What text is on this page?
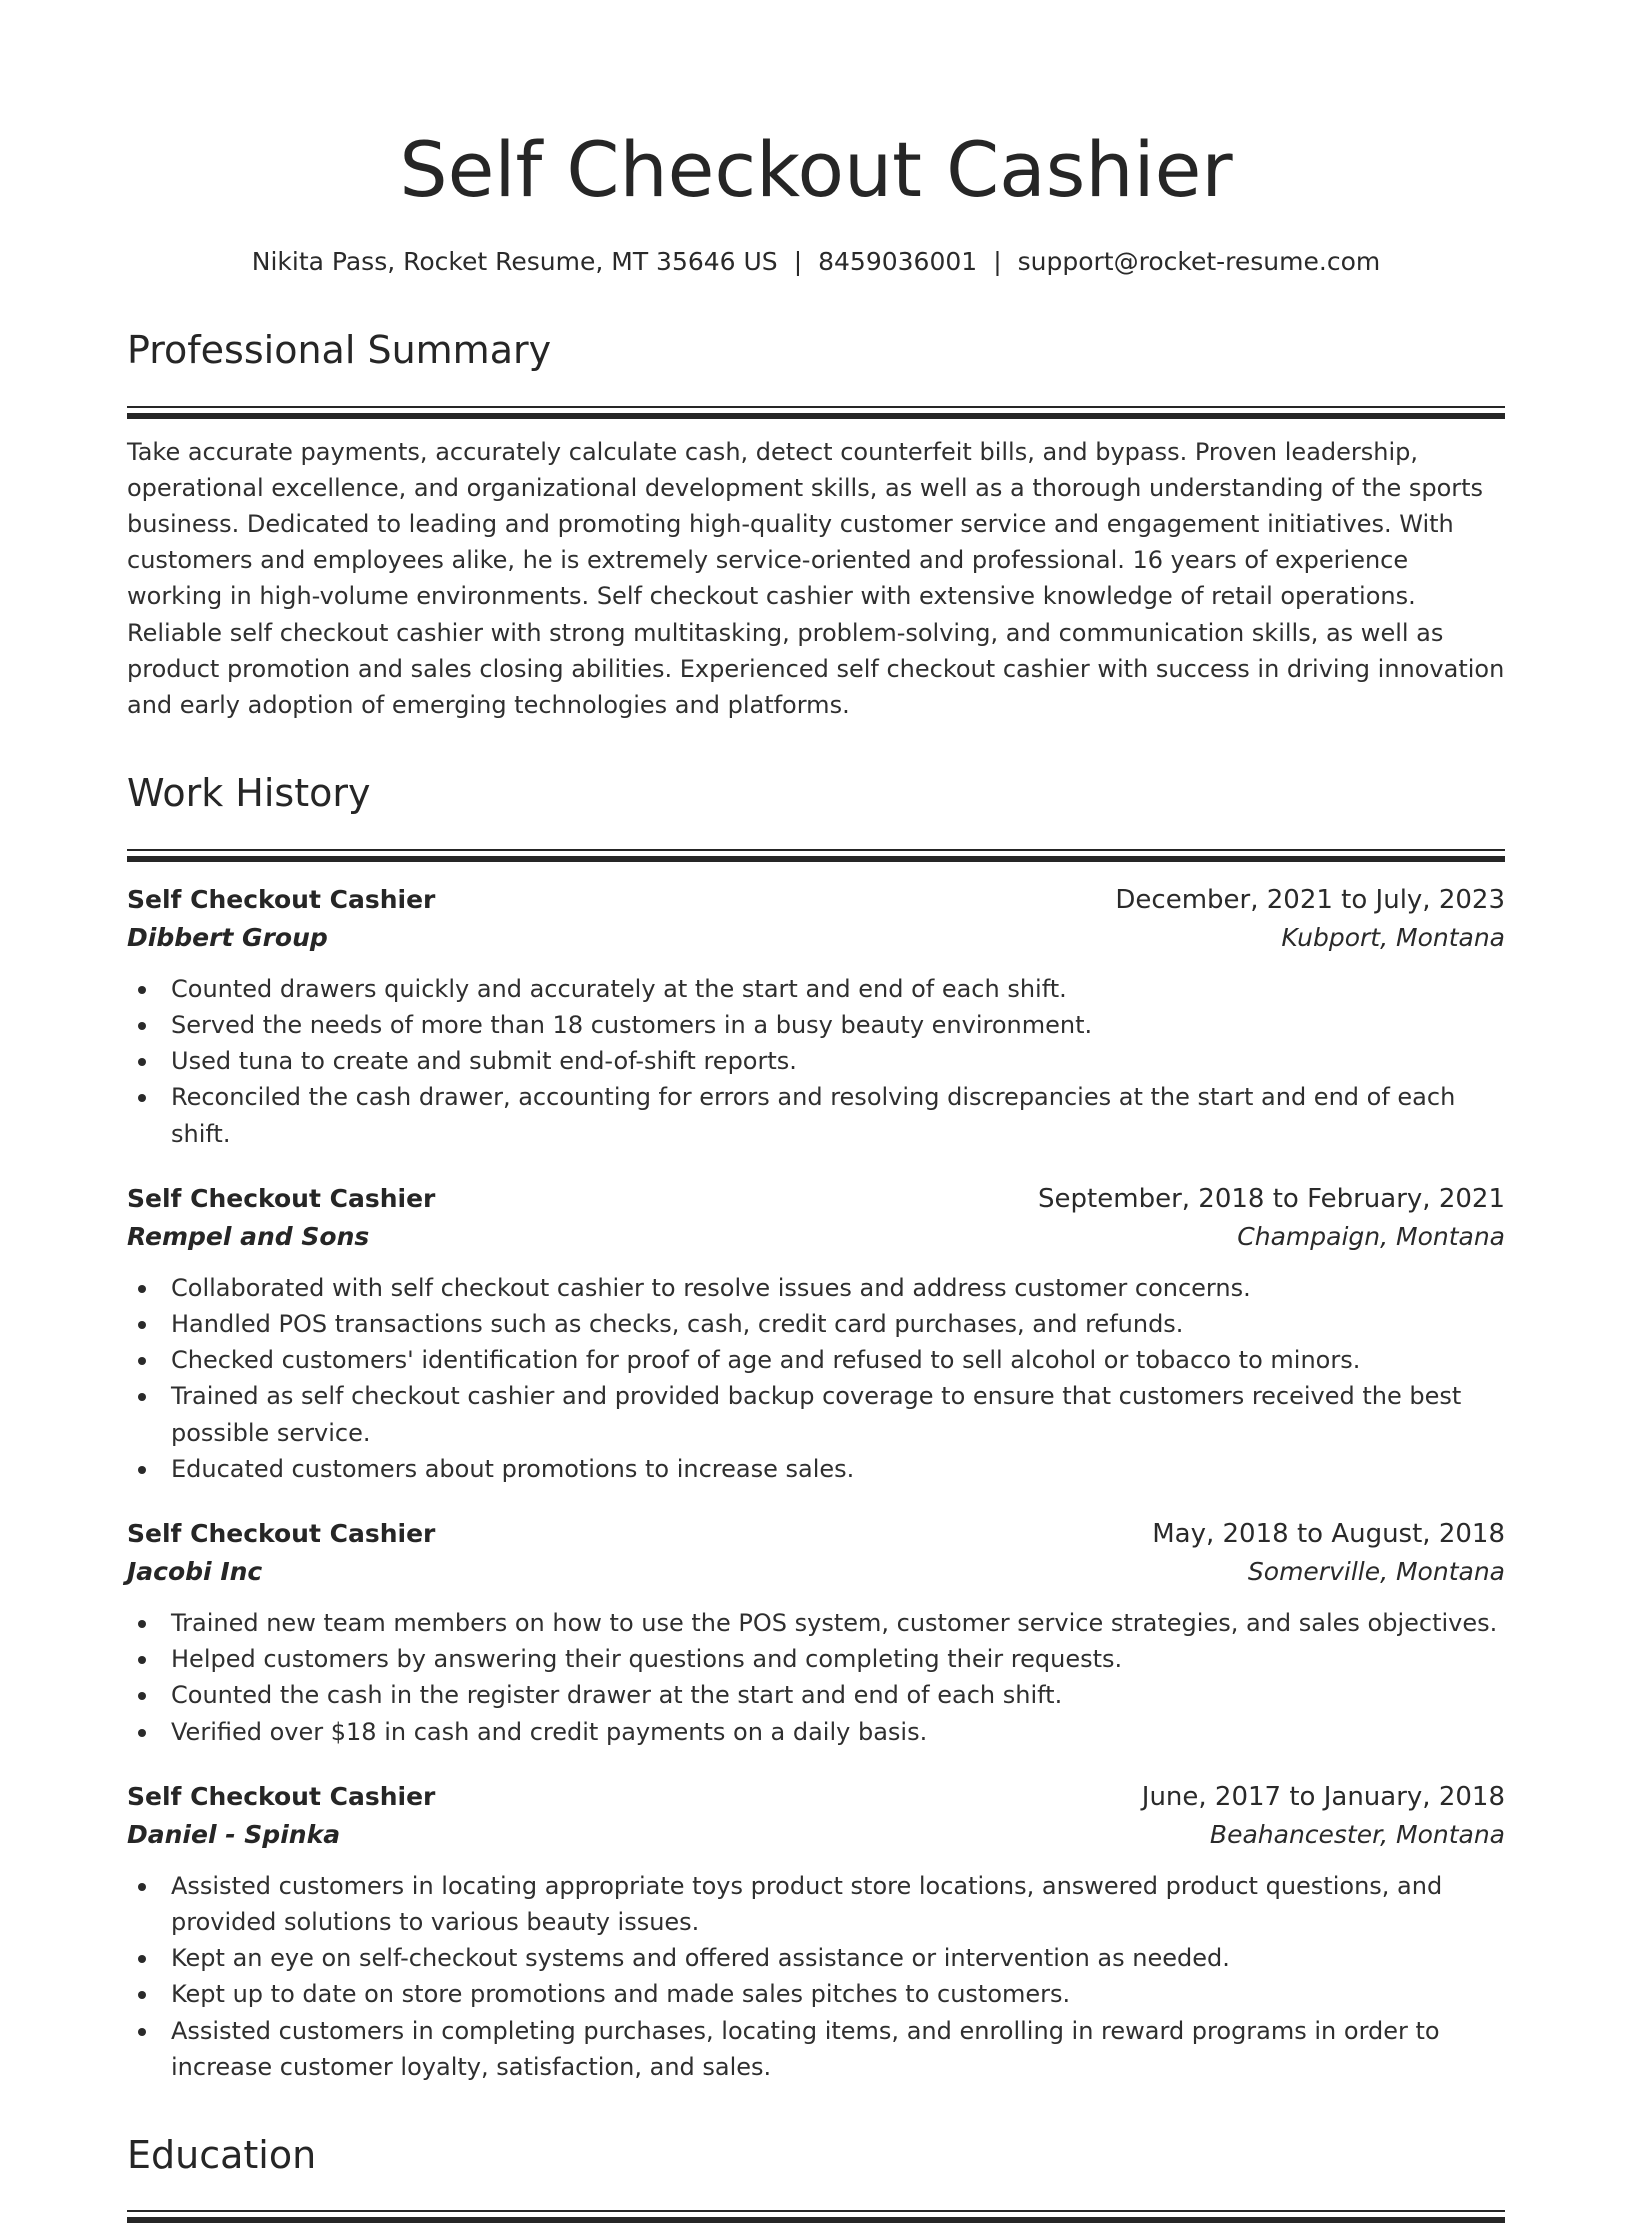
Self Checkout Cashier
Nikita Pass, Rocket Resume, MT 35646 US | 8459036001 | support@rocket-resume.com
Professional Summary

Take accurate payments, accurately calculate cash, detect counterfeit bills, and bypass. Proven leadership, operational excellence, and organizational development skills, as well as a thorough understanding of the sports business. Dedicated to leading and promoting high-quality customer service and engagement initiatives. With customers and employees alike, he is extremely service-oriented and professional. 16 years of experience working in high-volume environments. Self checkout cashier with extensive knowledge of retail operations. Reliable self checkout cashier with strong multitasking, problem-solving, and communication skills, as well as product promotion and sales closing abilities. Experienced self checkout cashier with success in driving innovation and early adoption of emerging technologies and platforms.

Work History
Self Checkout Cashier	December, 2021 to July, 2023
Dibbert Group	Kubport, Montana
Counted drawers quickly and accurately at the start and end of each shift.
Served the needs of more than 18 customers in a busy beauty environment.
Used tuna to create and submit end-of-shift reports.
Reconciled the cash drawer, accounting for errors and resolving discrepancies at the start and end of each shift.
Self Checkout Cashier	September, 2018 to February, 2021
Rempel and Sons	Champaign, Montana
Collaborated with self checkout cashier to resolve issues and address customer concerns.
Handled POS transactions such as checks, cash, credit card purchases, and refunds.
Checked customers' identification for proof of age and refused to sell alcohol or tobacco to minors.
Trained as self checkout cashier and provided backup coverage to ensure that customers received the best possible service.
Educated customers about promotions to increase sales.
Self Checkout Cashier	May, 2018 to August, 2018
Jacobi Inc	Somerville, Montana
Trained new team members on how to use the POS system, customer service strategies, and sales objectives.
Helped customers by answering their questions and completing their requests.
Counted the cash in the register drawer at the start and end of each shift.
Verified over $18 in cash and credit payments on a daily basis.
Self Checkout Cashier	June, 2017 to January, 2018
Daniel - Spinka	Beahancester, Montana
Assisted customers in locating appropriate toys product store locations, answered product questions, and provided solutions to various beauty issues.
Kept an eye on self-checkout systems and offered assistance or intervention as needed.
Kept up to date on store promotions and made sales pitches to customers.
Assisted customers in completing purchases, locating items, and enrolling in reward programs in order to increase customer loyalty, satisfaction, and sales.
Education
